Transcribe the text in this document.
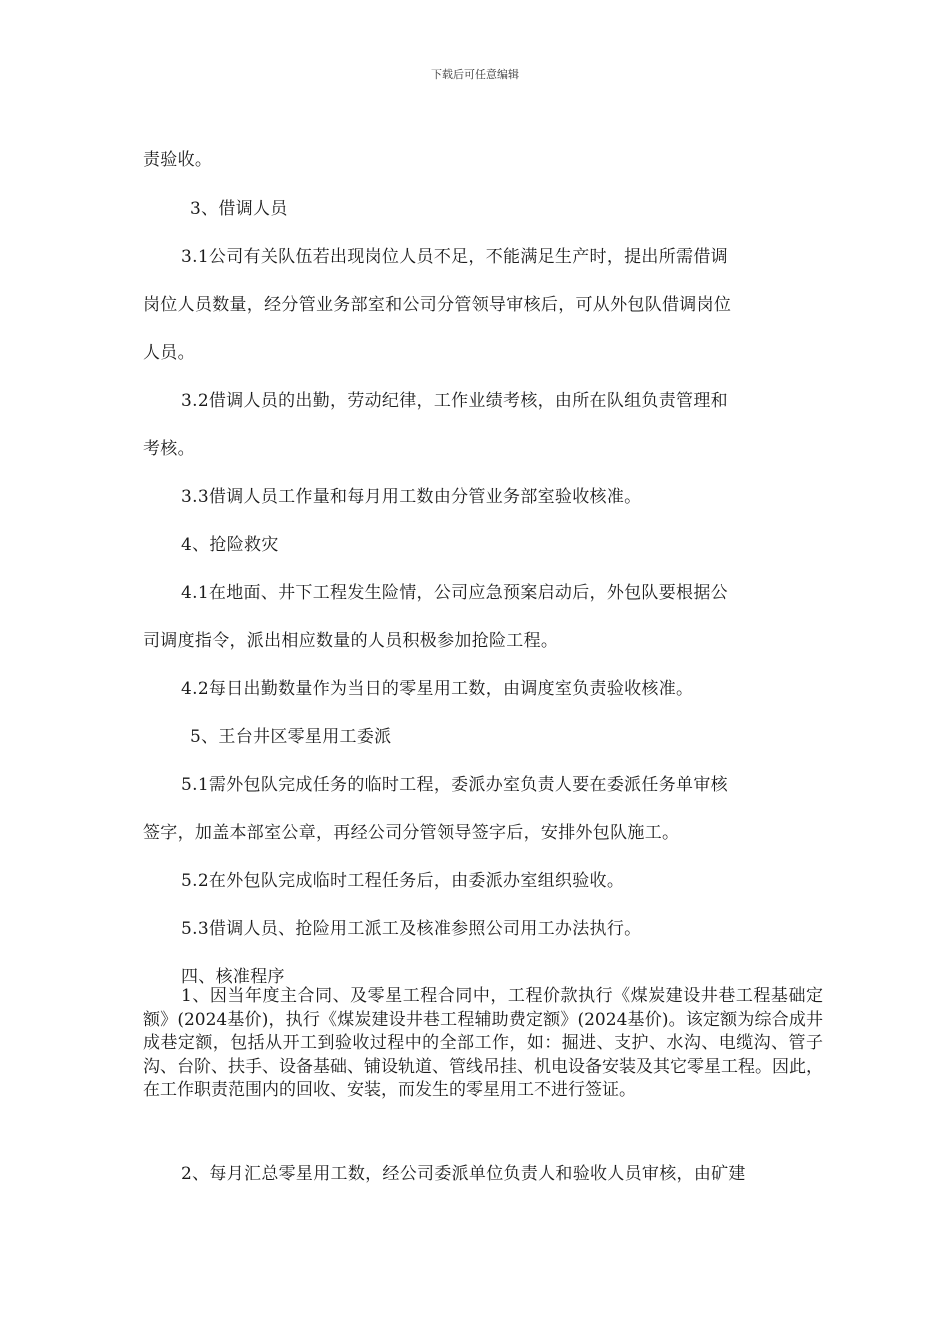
下载后可任意编辑
责验收。
3、借调人员
3.1公司有关队伍若出现岗位人员不足，不能满足生产时，提出所需借调
岗位人员数量，经分管业务部室和公司分管领导审核后，可从外包队借调岗位
人员。
3.2借调人员的出勤，劳动纪律，工作业绩考核，由所在队组负责管理和
考核。
3.3借调人员工作量和每月用工数由分管业务部室验收核准。
4、抢险救灾
4.1在地面、井下工程发生险情，公司应急预案启动后，外包队要根据公
司调度指令，派出相应数量的人员积极参加抢险工程。
4.2每日出勤数量作为当日的零星用工数，由调度室负责验收核准。
5、王台井区零星用工委派
5.1需外包队完成任务的临时工程，委派办室负责人要在委派任务单审核
签字，加盖本部室公章，再经公司分管领导签字后，安排外包队施工。
5.2在外包队完成临时工程任务后，由委派办室组织验收。
5.3借调人员、抢险用工派工及核准参照公司用工办法执行。
四、核准程序

1、因当年度主合同、及零星工程合同中，工程价款执行《煤炭建设井巷工程基础定额》(2024基价)，执行《煤炭建设井巷工程辅助费定额》(2024基价)。该定额为综合成井成巷定额，包括从开工到验收过程中的全部工作，如：掘进、支护、水沟、电缆沟、管子沟、台阶、扶手、设备基础、铺设轨道、管线吊挂、机电设备安装及其它零星工程。因此，在工作职责范围内的回收、安装，而发生的零星用工不进行签证。

2、每月汇总零星用工数，经公司委派单位负责人和验收人员审核，由矿建
